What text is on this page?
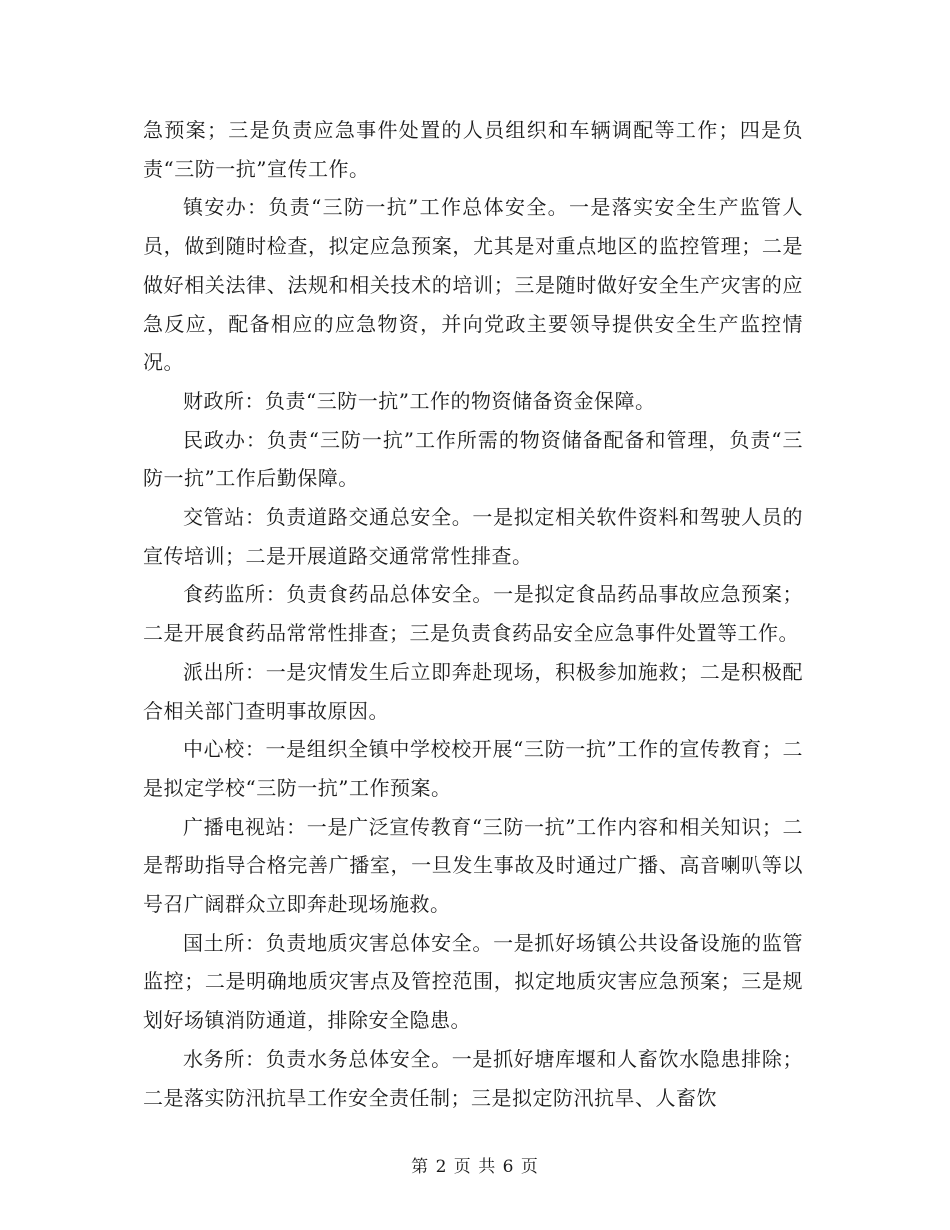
急预案；三是负责应急事件处置的人员组织和车辆调配等工作；四是负责“三防一抗”宣传工作。

镇安办：负责“三防一抗”工作总体安全。一是落实安全生产监管人员，做到随时检查，拟定应急预案，尤其是对重点地区的监控管理；二是做好相关法律、法规和相关技术的培训；三是随时做好安全生产灾害的应急反应，配备相应的应急物资，并向党政主要领导提供安全生产监控情况。

财政所：负责“三防一抗”工作的物资储备资金保障。

民政办：负责“三防一抗”工作所需的物资储备配备和管理，负责“三防一抗”工作后勤保障。

交管站：负责道路交通总安全。一是拟定相关软件资料和驾驶人员的宣传培训；二是开展道路交通常常性排查。

食药监所：负责食药品总体安全。一是拟定食品药品事故应急预案；二是开展食药品常常性排查；三是负责食药品安全应急事件处置等工作。

派出所：一是灾情发生后立即奔赴现场，积极参加施救；二是积极配合相关部门查明事故原因。

中心校：一是组织全镇中学校校开展“三防一抗”工作的宣传教育；二是拟定学校“三防一抗”工作预案。

广播电视站：一是广泛宣传教育“三防一抗”工作内容和相关知识；二是帮助指导合格完善广播室，一旦发生事故及时通过广播、高音喇叭等以号召广阔群众立即奔赴现场施救。

国土所：负责地质灾害总体安全。一是抓好场镇公共设备设施的监管监控；二是明确地质灾害点及管控范围，拟定地质灾害应急预案；三是规划好场镇消防通道，排除安全隐患。

水务所：负责水务总体安全。一是抓好塘库堰和人畜饮水隐患排除；二是落实防汛抗旱工作安全责任制；三是拟定防汛抗旱、人畜饮

第 2 页 共 6 页
